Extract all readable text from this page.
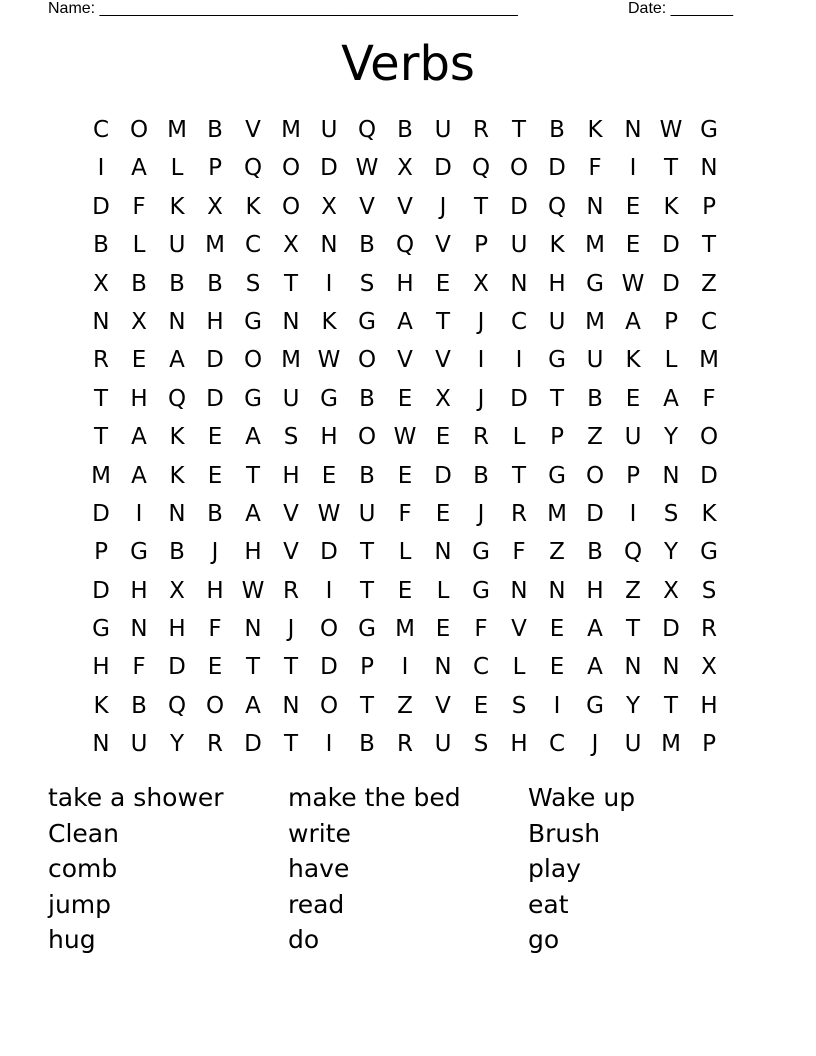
Name: _______________________________________________	Date: _______
Verbs
C O M B V M U Q B U R T	B K N W G
I	A	L	P Q O D W X D Q O D F	I	T N
D F	K X K O X V V	J	T D Q N E	K	P
B	L	U M C X N B Q V	P U K M E D T
X B B B S	T	I	S H E X N H G W D Z
N X N H G N K G A	T	J	C U M A	P	C
R E A D O M W O V V	I	I	G U K	L M
T H Q D G U G B E X	J	D T	B E A	F
T	A K	E A S H O W E R	L	P	Z U Y O
M A K	E	T H E B E D B	T G O P N D
D	I	N B A V W U F	E	J	R M D	I	S	K
P G B	J	H V D T	L N G F	Z B Q Y G
D H X H W R	I	T	E	L G N N H Z X S
G N H F N	J	O G M E	F	V E A	T D R
H F D E	T	T D P	I	N C	L	E A N N X
K B Q O A N O T	Z V E	S	I	G Y	T H
N U Y R D T	I	B R U S H C	J	U M P
take a shower	make the bed	Wake up
Clean	write	Brush
comb	have	play
jump	read	eat
hug	do	go
